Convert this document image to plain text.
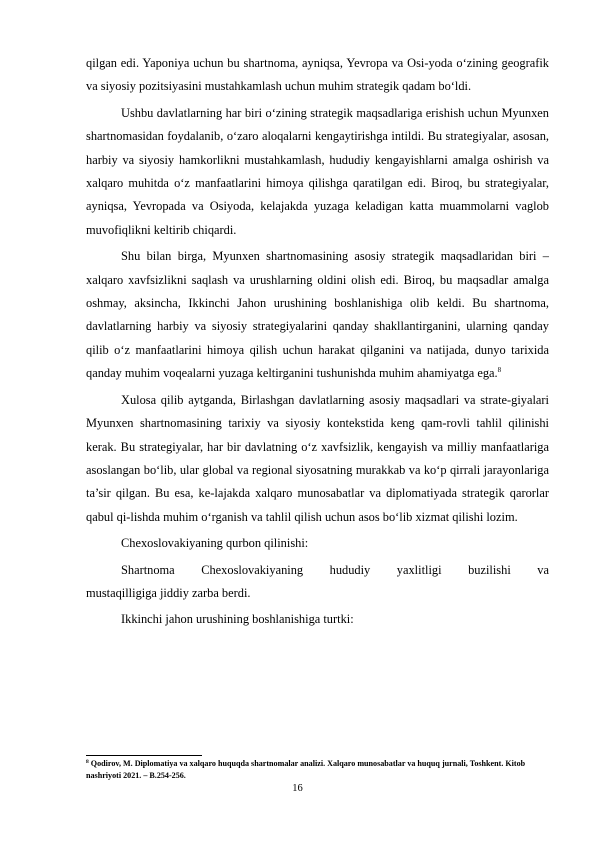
qilgan edi. Yaponiya uchun bu shartnoma, ayniqsa, Yevropa va Osi-yoda o‘zining geografik va siyosiy pozitsiyasini mustahkamlash uchun muhim strategik qadam bo‘ldi.

Ushbu davlatlarning har biri o‘zining strategik maqsadlariga erishish uchun Myunxen shartnomasidan foydalanib, o‘zaro aloqalarni kengaytirishga intildi. Bu strategiyalar, asosan, harbiy va siyosiy hamkorlikni mustahkamlash, hududiy kengayishlarni amalga oshirish va xalqaro muhitda o‘z manfaatlarini himoya qilishga qaratilgan edi. Biroq, bu strategiyalar, ayniqsa, Yevropada va Osiyoda, kelajakda yuzaga keladigan katta muammolarni vaglob muvofiqlikni keltirib chiqardi.

Shu bilan birga, Myunxen shartnomasining asosiy strategik maqsadlaridan biri – xalqaro xavfsizlikni saqlash va urushlarning oldini olish edi. Biroq, bu maqsadlar amalga oshmay, aksincha, Ikkinchi Jahon urushining boshlanishiga olib keldi. Bu shartnoma, davlatlarning harbiy va siyosiy strategiyalarini qanday shakllantirganini, ularning qanday qilib o‘z manfaatlarini himoya qilish uchun harakat qilganini va natijada, dunyo tarixida qanday muhim voqealarni yuzaga keltirganini tushunishda muhim ahamiyatga ega.$^8$

Xulosa qilib aytganda, Birlashgan davlatlarning asosiy maqsadlari va strate-giyalari Myunxen shartnomasining tarixiy va siyosiy kontekstida keng qam-rovli tahlil qilinishi kerak. Bu strategiyalar, har bir davlatning o‘z xavfsizlik, kengayish va milliy manfaatlariga asoslangan bo‘lib, ular global va regional siyosatning murakkab va ko‘p qirrali jarayonlariga ta’sir qilgan. Bu esa, ke-lajakda xalqaro munosabatlar va diplomatiyada strategik qarorlar qabul qi-lishda muhim o‘rganish va tahlil qilish uchun asos bo‘lib xizmat qilishi lozim.

Chexoslovakiyaning qurbon qilinishi:

Shartnoma Chexoslovakiyaning hududiy yaxlitligi buzilishi va

mustaqilligiga jiddiy zarba berdi.

Ikkinchi jahon urushining boshlanishiga turtki:

$^8$ Qodirov, M. Diplomatiya va xalqaro huquqda shartnomalar analizi. Xalqaro munosabatlar va huquq jurnali, Toshkent. Kitob nashriyoti 2021. – B.254-256.
16
